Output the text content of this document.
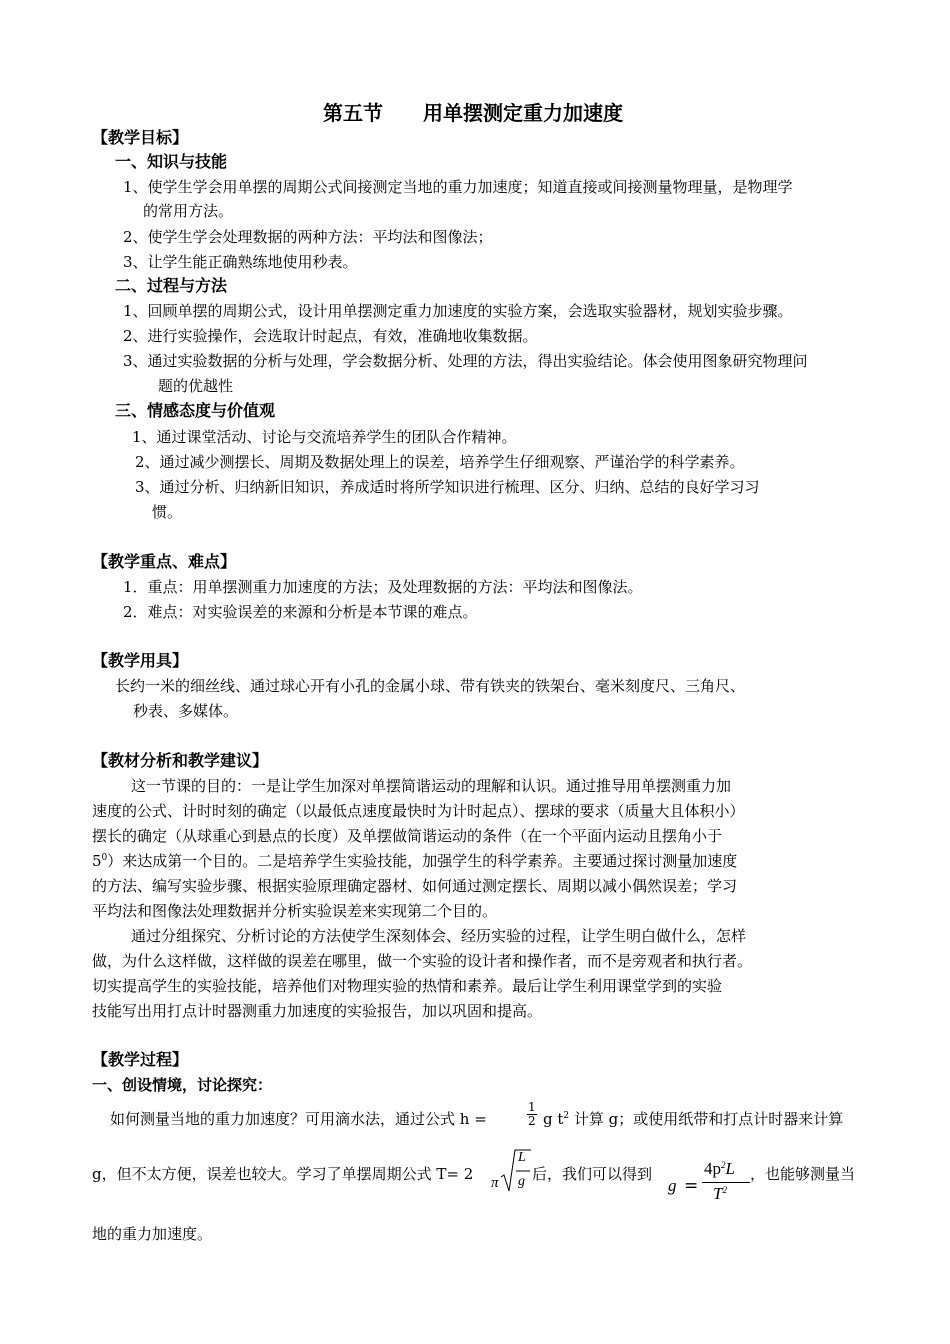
第五节　　用单摆测定重力加速度
【教学目标】
一、知识与技能
1、使学生学会用单摆的周期公式间接测定当地的重力加速度；知道直接或间接测量物理量，是物理学
的常用方法。
2、使学生学会处理数据的两种方法：平均法和图像法；
3、让学生能正确熟练地使用秒表。
二、过程与方法
1、回顾单摆的周期公式，设计用单摆测定重力加速度的实验方案，会选取实验器材，规划实验步骤。
2、进行实验操作，会选取计时起点，有效，准确地收集数据。
3、通过实验数据的分析与处理，学会数据分析、处理的方法，得出实验结论。体会使用图象研究物理问
题的优越性
三、情感态度与价值观
1、通过课堂活动、讨论与交流培养学生的团队合作精神。
2、通过减少测摆长、周期及数据处理上的误差，培养学生仔细观察、严谨治学的科学素养。
3、通过分析、归纳新旧知识，养成适时将所学知识进行梳理、区分、归纳、总结的良好学习习
惯。
【教学重点、难点】
1．重点：用单摆测重力加速度的方法；及处理数据的方法：平均法和图像法。
2．难点：对实验误差的来源和分析是本节课的难点。
【教学用具】
长约一米的细丝线、通过球心开有小孔的金属小球、带有铁夹的铁架台、毫米刻度尺、三角尺、
秒表、多媒体。
【教材分析和教学建议】
这一节课的目的：一是让学生加深对单摆简谐运动的理解和认识。通过推导用单摆测重力加
速度的公式、计时时刻的确定（以最低点速度最快时为计时起点）、摆球的要求（质量大且体积小）
摆长的确定（从球重心到悬点的长度）及单摆做简谐运动的条件（在一个平面内运动且摆角小于
$5^0$）来达成第一个目的。二是培养学生实验技能，加强学生的科学素养。主要通过探讨测量加速度
的方法、编写实验步骤、根据实验原理确定器材、如何通过测定摆长、周期以减小偶然误差；学习
平均法和图像法处理数据并分析实验误差来实现第二个目的。
通过分组探究、分析讨论的方法使学生深刻体会、经历实验的过程，让学生明白做什么，怎样
做，为什么这样做，这样做的误差在哪里，做一个实验的设计者和操作者，而不是旁观者和执行者。
切实提高学生的实验技能，培养他们对物理实验的热情和素养。最后让学生利用课堂学到的实验
技能写出用打点计时器测重力加速度的实验报告，加以巩固和提高。
【教学过程】
一、创设情境，讨论探究：
如何测量当地的重力加速度？可用滴水法，通过公式 h =	$\frac{1}{2}$ g $t^2$ 计算 g；或使用纸带和打点计时器来计算
g，但不太方便，误差也较大。学习了单摆周期公式 T= 2 π
L
g 后，我们可以得到
g =
$4p^2L$
$T^2$
，也能够测量当
地的重力加速度。
